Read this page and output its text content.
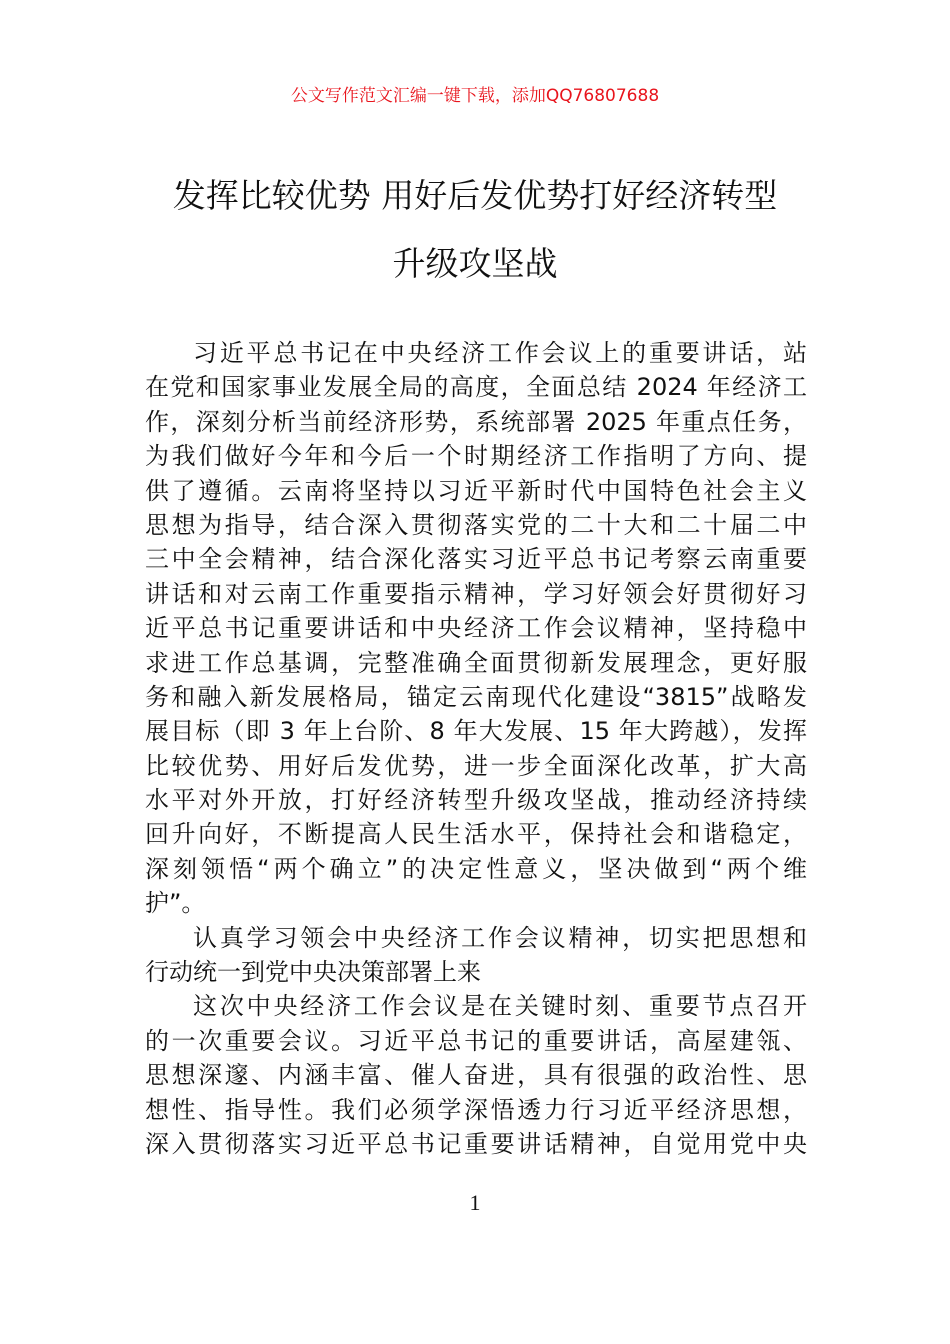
公文写作范文汇编一键下载，添加QQ76807688
发挥比较优势 用好后发优势打好经济转型
升级攻坚战
习近平总书记在中央经济工作会议上的重要讲话，站
在党和国家事业发展全局的高度，全面总结 2024 年经济工
作，深刻分析当前经济形势，系统部署 2025 年重点任务，
为我们做好今年和今后一个时期经济工作指明了方向、提
供了遵循。云南将坚持以习近平新时代中国特色社会主义
思想为指导，结合深入贯彻落实党的二十大和二十届二中
三中全会精神，结合深化落实习近平总书记考察云南重要
讲话和对云南工作重要指示精神，学习好领会好贯彻好习
近平总书记重要讲话和中央经济工作会议精神，坚持稳中
求进工作总基调，完整准确全面贯彻新发展理念，更好服
务和融入新发展格局，锚定云南现代化建设“3815”战略发
展目标（即 3 年上台阶、8 年大发展、15 年大跨越），发挥
比较优势、用好后发优势，进一步全面深化改革，扩大高
水平对外开放，打好经济转型升级攻坚战，推动经济持续
回升向好，不断提高人民生活水平，保持社会和谐稳定，
深刻领悟“两个确立”的决定性意义，坚决做到“两个维
护”。
认真学习领会中央经济工作会议精神，切实把思想和
行动统一到党中央决策部署上来
这次中央经济工作会议是在关键时刻、重要节点召开
的一次重要会议。习近平总书记的重要讲话，高屋建瓴、
思想深邃、内涵丰富、催人奋进，具有很强的政治性、思
想性、指导性。我们必须学深悟透力行习近平经济思想，
深入贯彻落实习近平总书记重要讲话精神，自觉用党中央
1
